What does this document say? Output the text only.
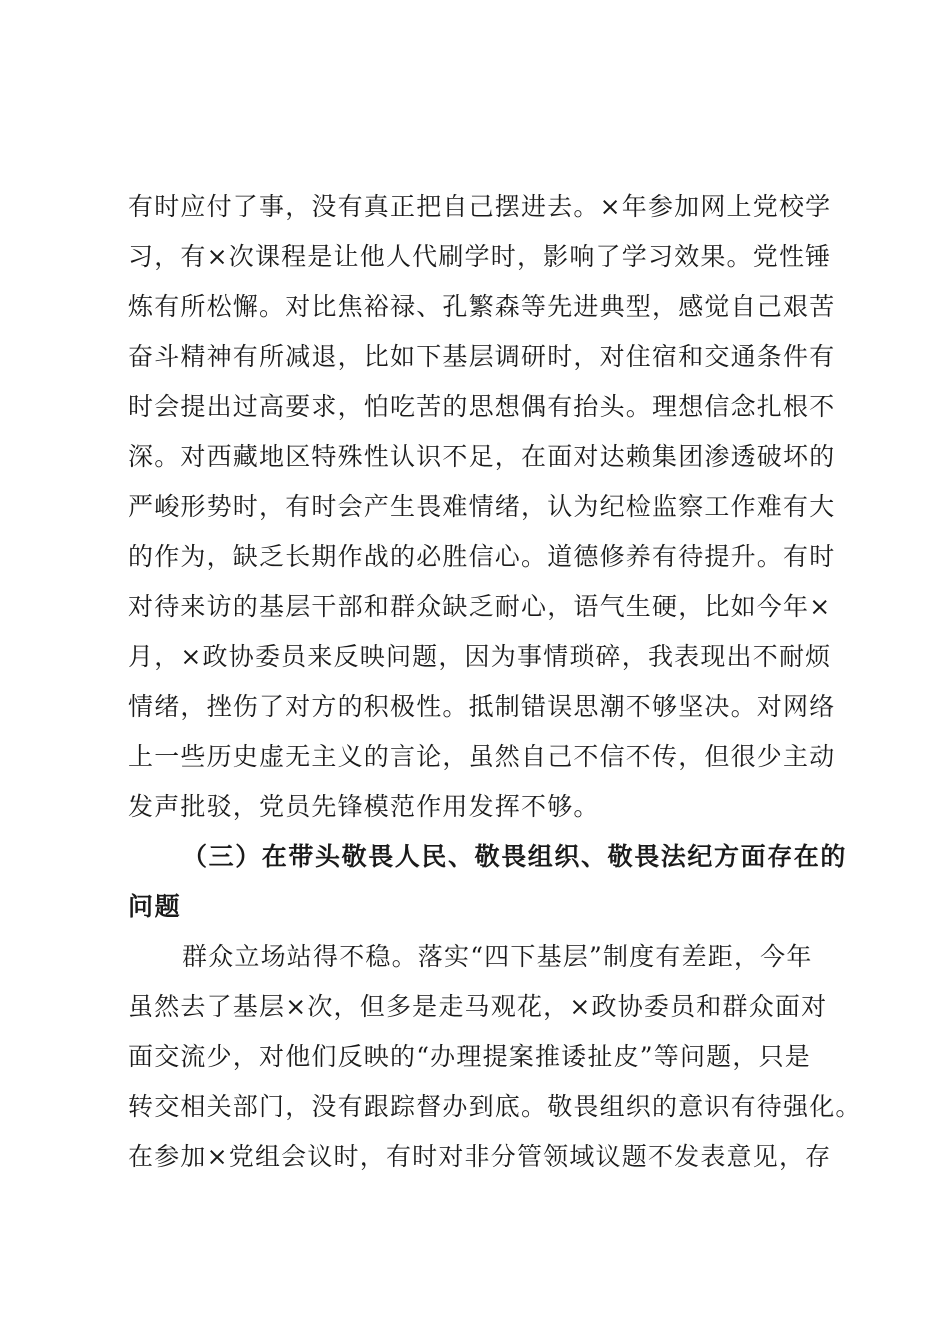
有时应付了事，没有真正把自己摆进去。×年参加网上党校学
习，有×次课程是让他人代刷学时，影响了学习效果。党性锤
炼有所松懈。对比焦裕禄、孔繁森等先进典型，感觉自己艰苦
奋斗精神有所减退，比如下基层调研时，对住宿和交通条件有
时会提出过高要求，怕吃苦的思想偶有抬头。理想信念扎根不
深。对西藏地区特殊性认识不足，在面对达赖集团渗透破坏的
严峻形势时，有时会产生畏难情绪，认为纪检监察工作难有大
的作为，缺乏长期作战的必胜信心。道德修养有待提升。有时
对待来访的基层干部和群众缺乏耐心，语气生硬，比如今年×
月，×政协委员来反映问题，因为事情琐碎，我表现出不耐烦
情绪，挫伤了对方的积极性。抵制错误思潮不够坚决。对网络
上一些历史虚无主义的言论，虽然自己不信不传，但很少主动
发声批驳，党员先锋模范作用发挥不够。
（三）在带头敬畏人民、敬畏组织、敬畏法纪方面存在的
问题
群众立场站得不稳。落实“四下基层”制度有差距，今年
虽然去了基层×次，但多是走马观花，×政协委员和群众面对
面交流少，对他们反映的“办理提案推诿扯皮”等问题，只是
转交相关部门，没有跟踪督办到底。敬畏组织的意识有待强化。
在参加×党组会议时，有时对非分管领域议题不发表意见，存
